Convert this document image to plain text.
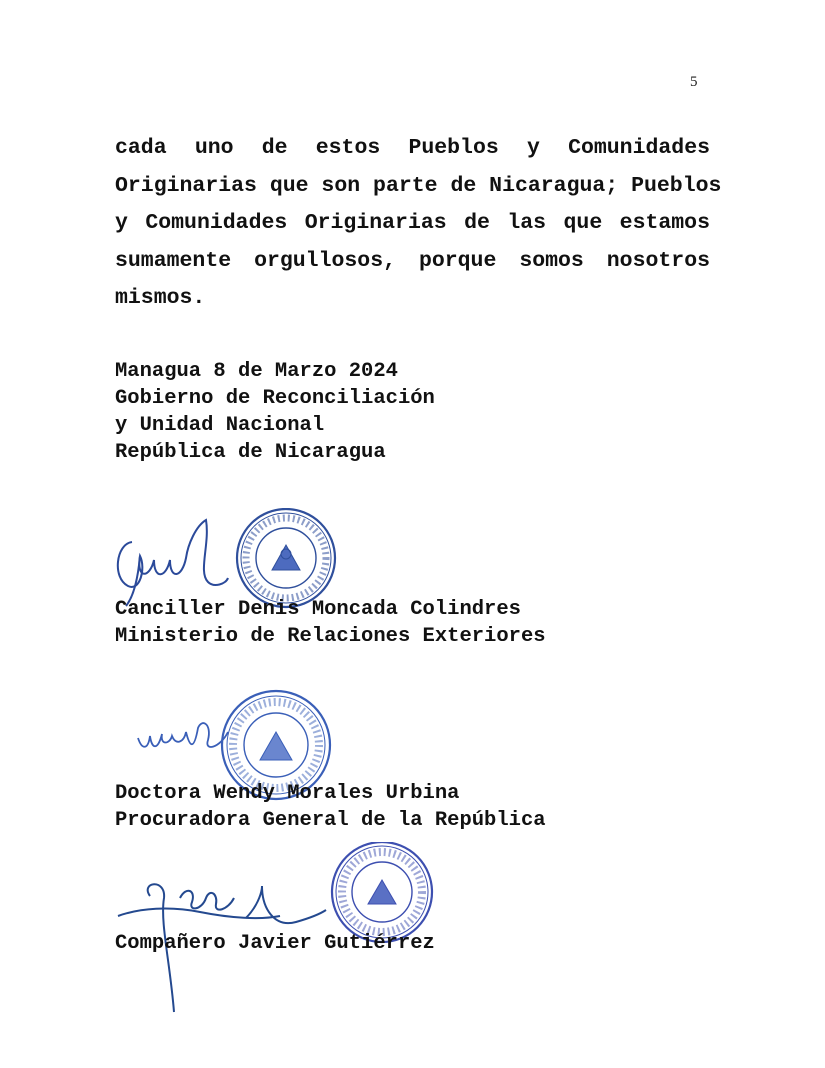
5
cada uno de estos Pueblos y Comunidades
Originarias que son parte de Nicaragua; Pueblos
y Comunidades Originarias de las que estamos
sumamente orgullosos, porque somos nosotros
mismos.
Managua 8 de Marzo 2024
Gobierno de Reconciliación
y Unidad Nacional
República de Nicaragua
Canciller Denis Moncada Colindres
Ministerio de Relaciones Exteriores
Doctora Wendy Morales Urbina
Procuradora General de la República
Compañero Javier Gutiérrez
